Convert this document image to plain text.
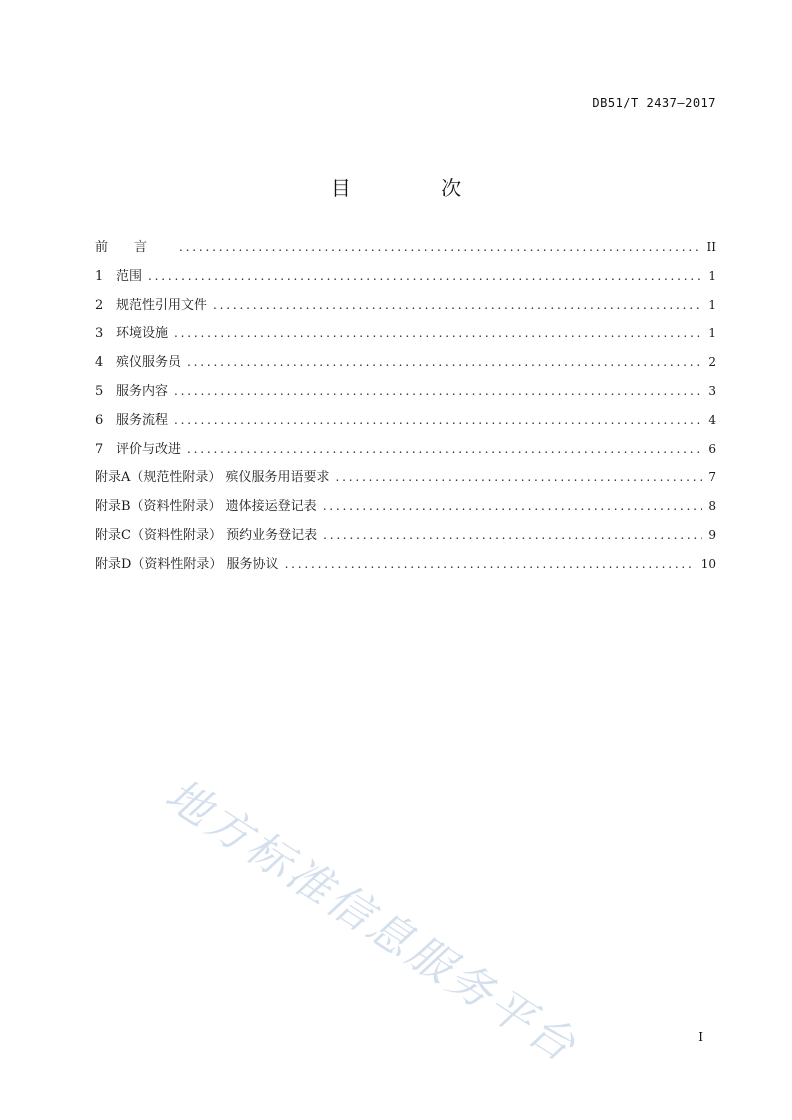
DB51/T 2437—2017
目 次
前言 .....	II
1 范围 .....	1
2 规范性引用文件 .....	1
3 环境设施 .....	1
4 殡仪服务员 .....	2
5 服务内容 .....	3
6 服务流程 .....	4
7 评价与改进 .....	6
附录A（规范性附录） 殡仪服务用语要求 .....	7
附录B（资料性附录） 遗体接运登记表 .....	8
附录C（资料性附录） 预约业务登记表 .....	9
附录D（资料性附录） 服务协议 .....	10
地方标准信息服务平台	I
